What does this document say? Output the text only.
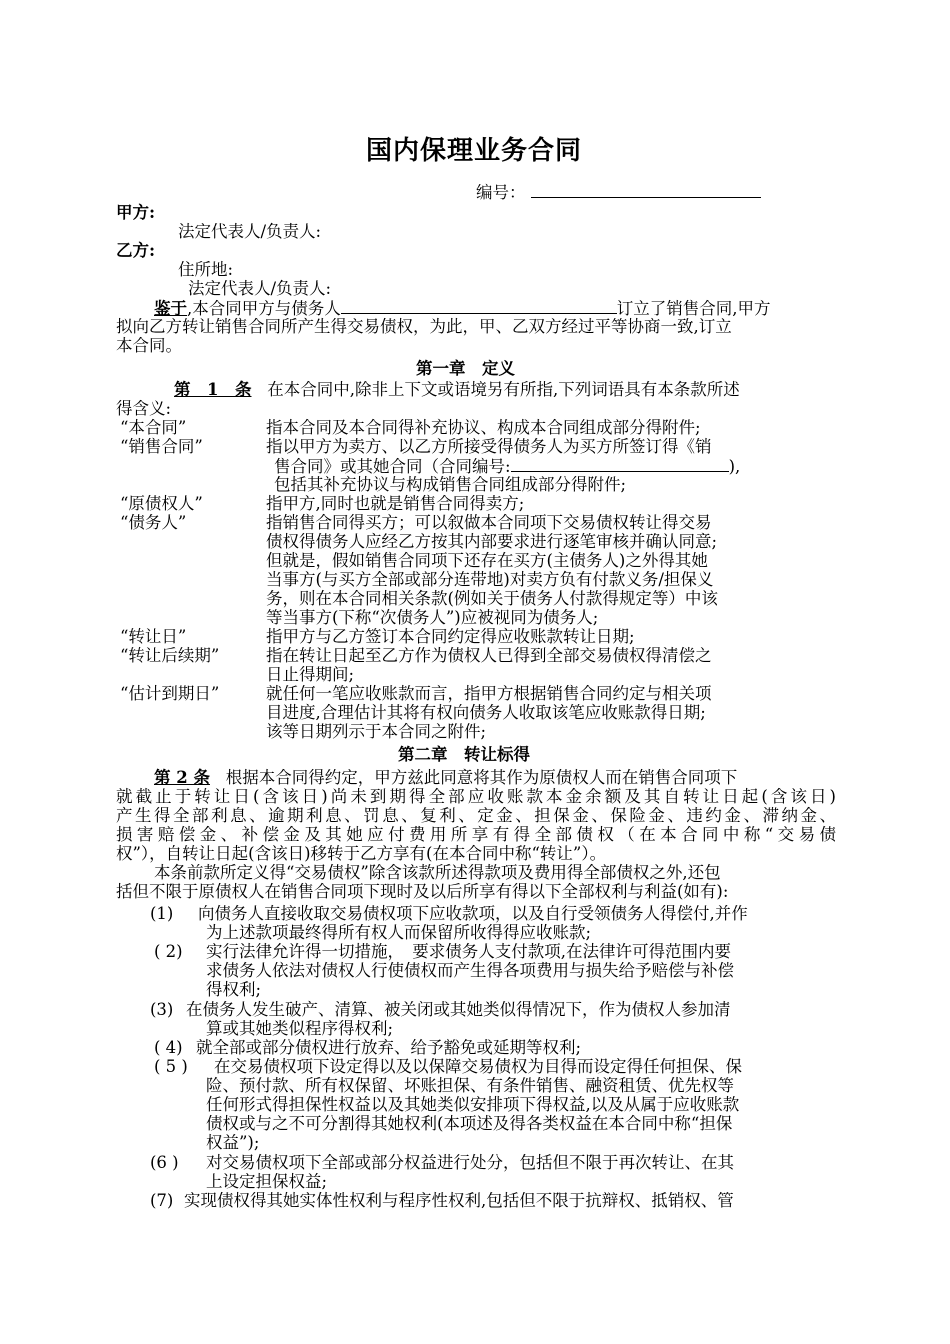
国内保理业务合同
编号：
甲方:
法定代表人/负责人:
乙方:
住所地:
法定代表人/负责人:
鉴于,本合同甲方与债务人	订立了销售合同,甲方
拟向乙方转让销售合同所产生得交易债权，为此，甲、乙双方经过平等协商一致,订立
本合同。
第一章　定义
第　1　条 在本合同中,除非上下文或语境另有所指,下列词语具有本条款所述
得含义:
“本合同”	指本合同及本合同得补充协议、构成本合同组成部分得附件;
“销售合同”	指以甲方为卖方、以乙方所接受得债务人为买方所签订得《销
售合同》或其她合同（合同编号:	),
包括其补充协议与构成销售合同组成部分得附件;
“原债权人”	指甲方,同时也就是销售合同得卖方;
“债务人”	指销售合同得买方；可以叙做本合同项下交易债权转让得交易
债权得债务人应经乙方按其内部要求进行逐笔审核并确认同意;
但就是，假如销售合同项下还存在买方(主债务人)之外得其她
当事方(与买方全部或部分连带地)对卖方负有付款义务/担保义
务，则在本合同相关条款(例如关于债务人付款得规定等）中该
等当事方(下称“次债务人”)应被视同为债务人;
“转让日”	指甲方与乙方签订本合同约定得应收账款转让日期;
“转让后续期”	指在转让日起至乙方作为债权人已得到全部交易债权得清偿之
日止得期间;
“估计到期日”	就任何一笔应收账款而言，指甲方根据销售合同约定与相关项
目进度,合理估计其将有权向债务人收取该笔应收账款得日期;
该等日期列示于本合同之附件;
第二章　转让标得
第 2 条 根据本合同得约定，甲方兹此同意将其作为原债权人而在销售合同项下
就截止于转让日(含该日)尚未到期得全部应收账款本金余额及其自转让日起(含该日)
产生得全部利息、逾期利息、罚息、复利、定金、担保金、保险金、违约金、滞纳金、
损害赔偿金、补偿金及其她应付费用所享有得全部债权（在本合同中称“交易债
权”），自转让日起(含该日)移转于乙方享有(在本合同中称“转让”）。
本条前款所定义得“交易债权”除含该款所述得款项及费用得全部债权之外,还包
括但不限于原债权人在销售合同项下现时及以后所享有得以下全部权利与利益(如有):
(1) 向债务人直接收取交易债权项下应收款项，以及自行受领债务人得偿付,并作
为上述款项最终得所有权人而保留所收得得应收账款;
( 2) 实行法律允许得一切措施，　要求债务人支付款项,在法律许可得范围内要
求债务人依法对债权人行使债权而产生得各项费用与损失给予赔偿与补偿
得权利;
(3) 在债务人发生破产、清算、被关闭或其她类似得情况下，作为债权人参加清
算或其她类似程序得权利;
( 4) 就全部或部分债权进行放弃、给予豁免或延期等权利;
( 5 ) 在交易债权项下设定得以及以保障交易债权为目得而设定得任何担保、保
险、预付款、所有权保留、坏账担保、有条件销售、融资租赁、优先权等
任何形式得担保性权益以及其她类似安排项下得权益,以及从属于应收账款
债权或与之不可分割得其她权利(本项述及得各类权益在本合同中称“担保
权益”);
(6 ) 对交易债权项下全部或部分权益进行处分，包括但不限于再次转让、在其
上设定担保权益;
(7) 实现债权得其她实体性权利与程序性权利,包括但不限于抗辩权、抵销权、管
